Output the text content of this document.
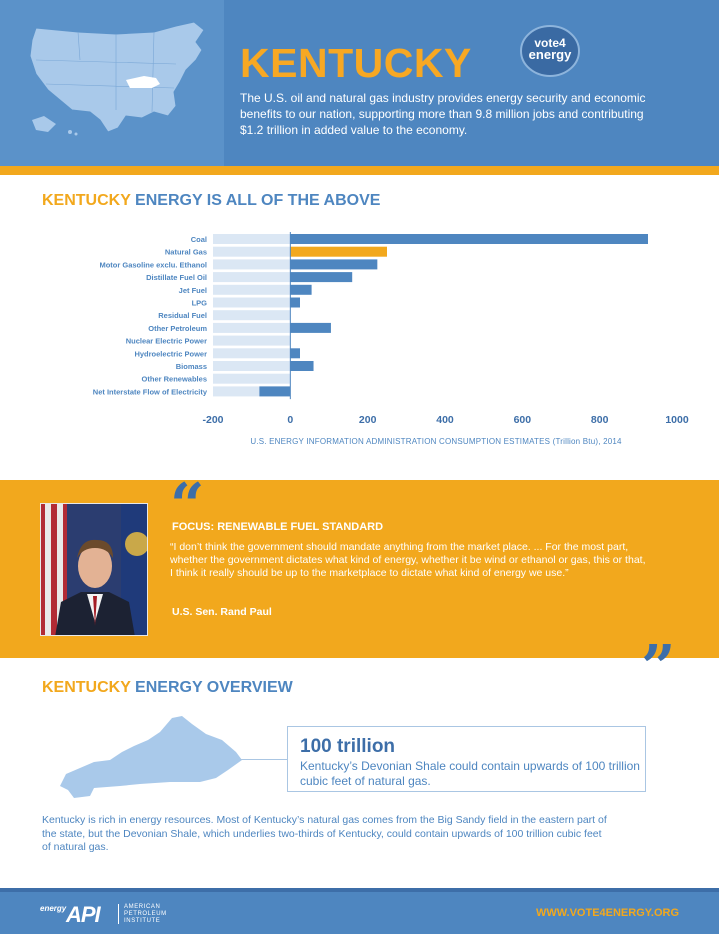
KENTUCKY	vote4
energy
The U.S. oil and natural gas industry provides energy security and economic benefits to our nation, supporting more than 9.8 million jobs and contributing $1.2 trillion in added value to the economy.
KENTUCKY ENERGY IS ALL OF THE ABOVE
Coal
Natural Gas
Motor Gasoline exclu. Ethanol
Distillate Fuel Oil
Jet Fuel
LPG
Residual Fuel
Other Petroleum
Nuclear Electric Power
Hydroelectric Power
Biomass
Other Renewables
Net Interstate Flow of Electricity
-200	0	200	400	600	800	1000
U.S. ENERGY INFORMATION ADMINISTRATION CONSUMPTION ESTIMATES (Trillion Btu), 2014
“
FOCUS: RENEWABLE FUEL STANDARD
“I don’t think the government should mandate anything from the market place. ... For the most part, whether the government dictates what kind of energy, whether it be wind or ethanol or gas, this or that, I think it really should be up to the marketplace to dictate what kind of energy we use.”
U.S. Sen. Rand Paul
”
KENTUCKY ENERGY OVERVIEW
100 trillion
Kentucky’s Devonian Shale could contain upwards of 100 trillion cubic feet of natural gas.
Kentucky is rich in energy resources. Most of Kentucky’s natural gas comes from the Big Sandy field in the eastern part of the state, but the Devonian Shale, which underlies two-thirds of Kentucky, could contain upwards of 100 trillion cubic feet of natural gas.
energy API	AMERICAN PETROLEUM INSTITUTE
WWW.VOTE4ENERGY.ORG
